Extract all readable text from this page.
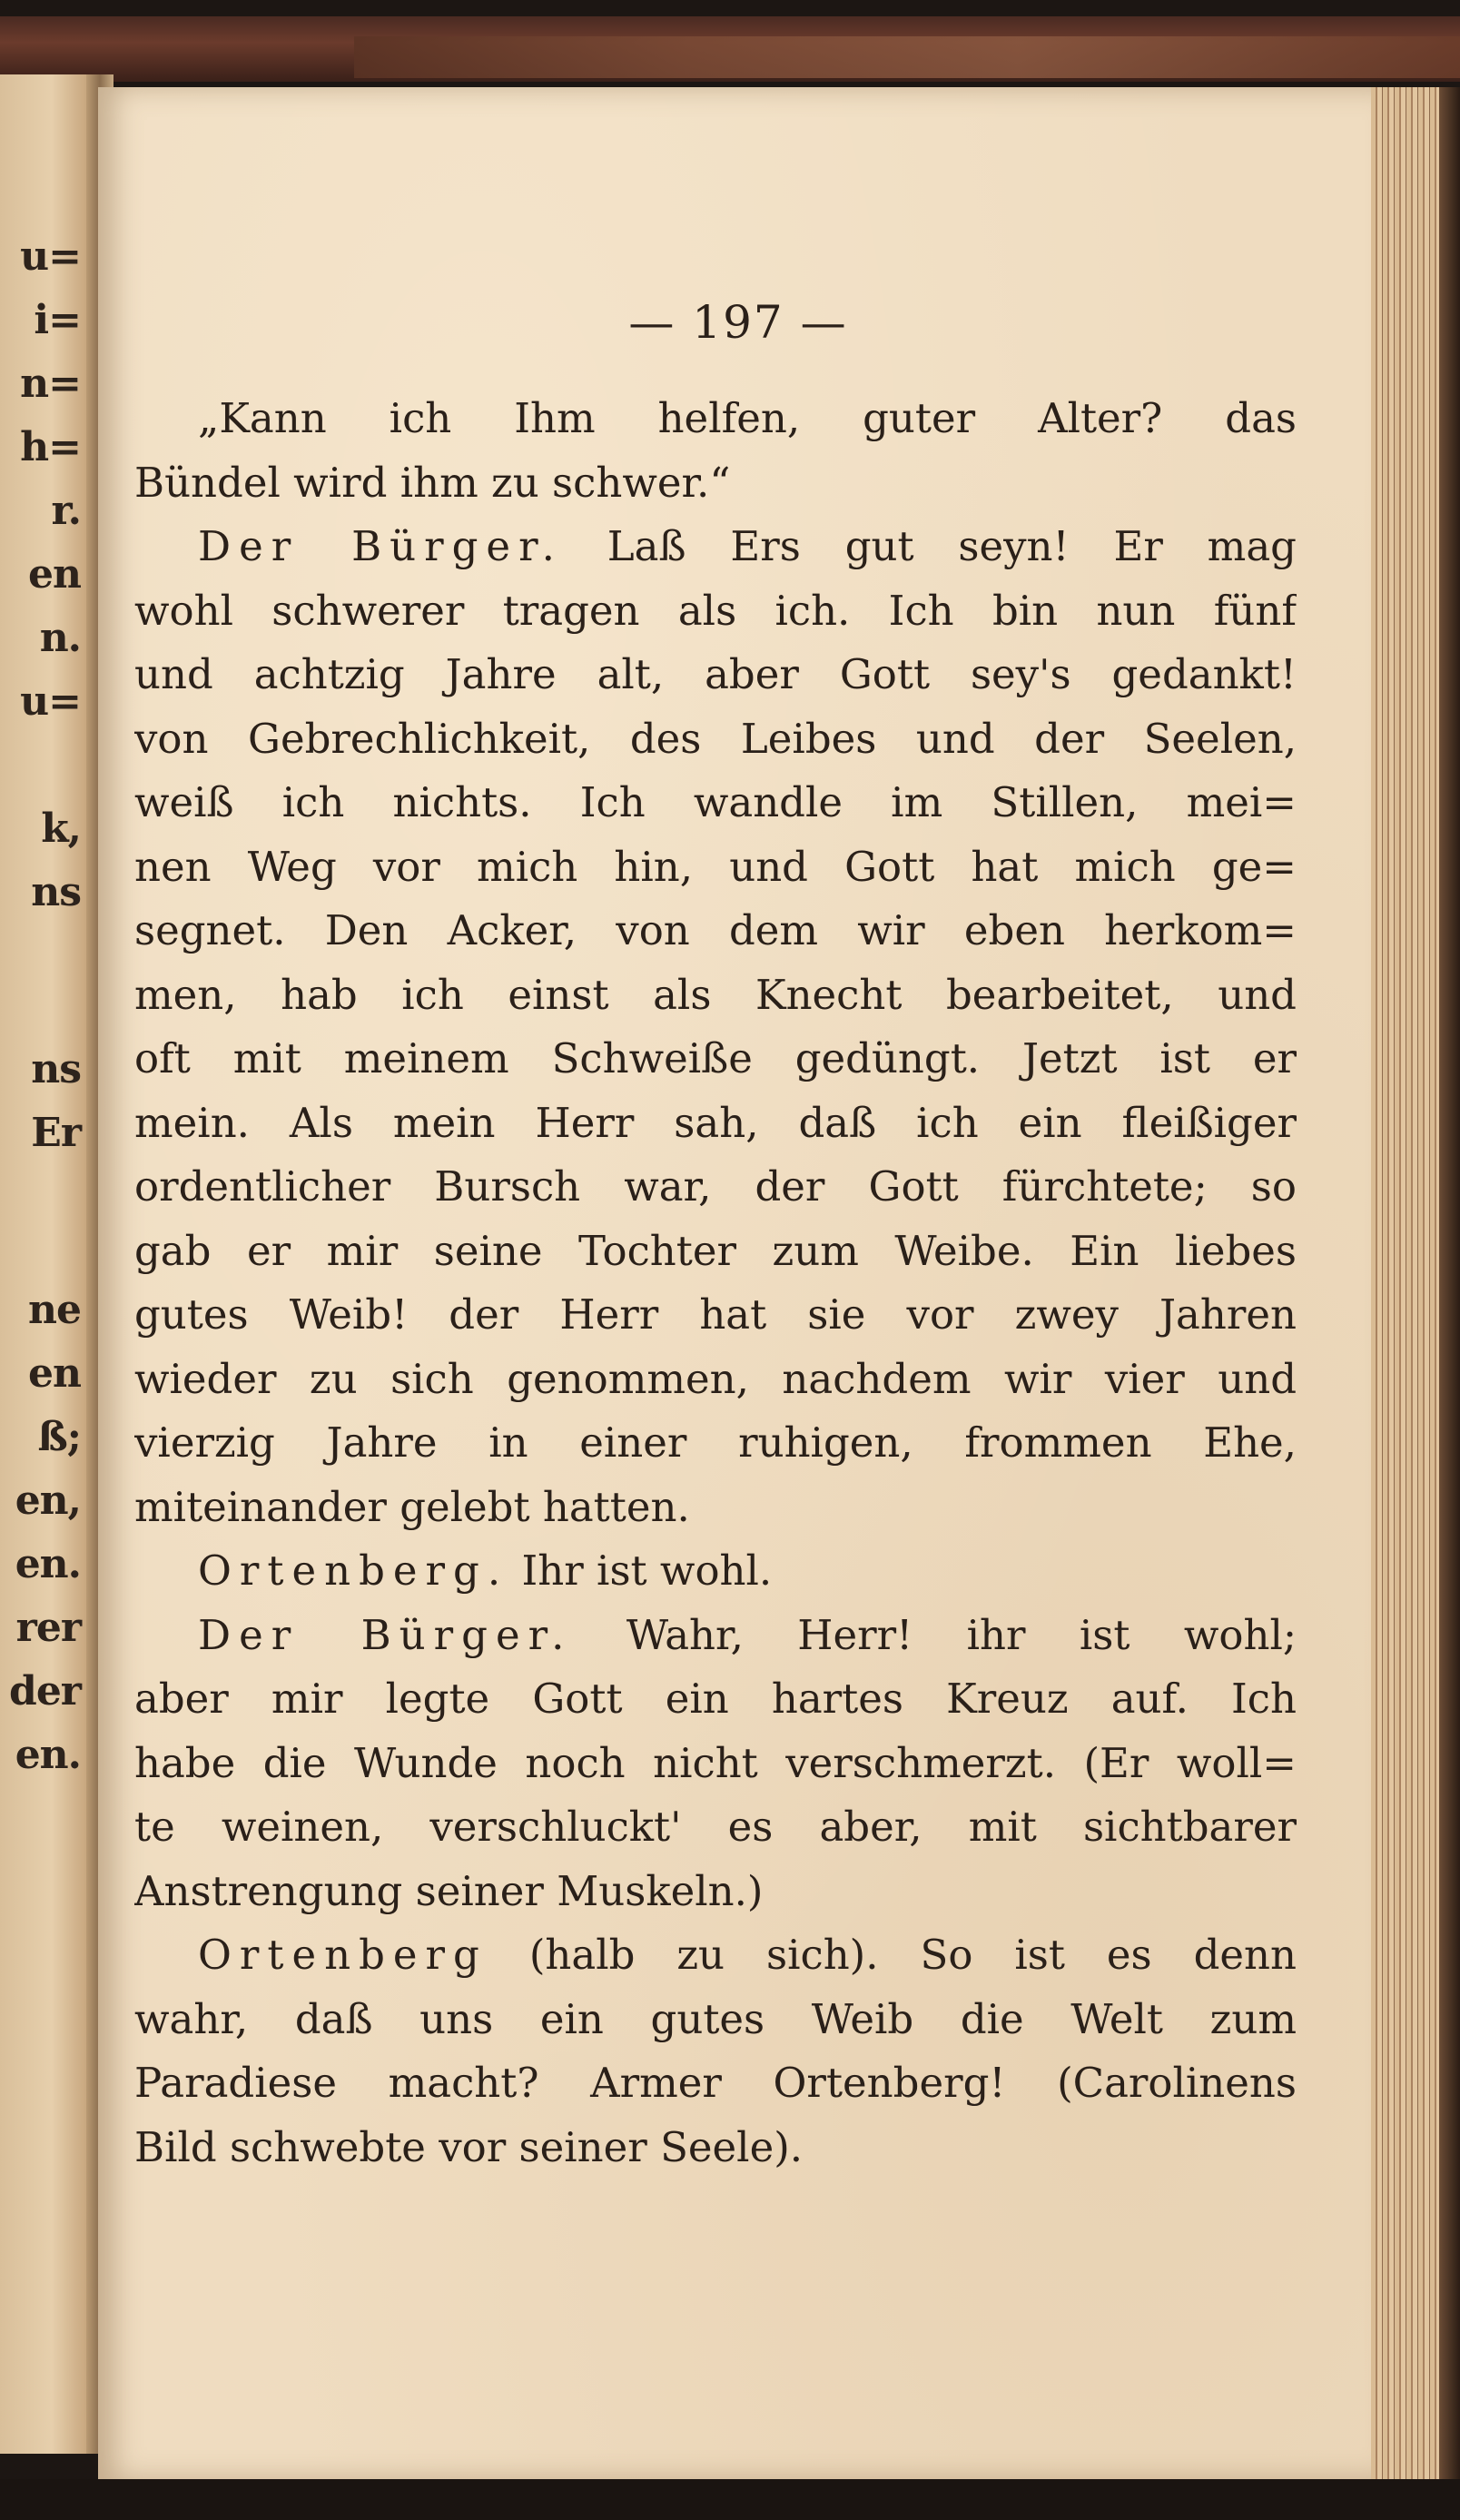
u=
i=
n=
h=
r.
en
n.
u=
k,
ns
ns
Er
ne
en
ß;
en,
en.
rer
der
en.
— 197 —
„Kann ich Ihm helfen, guter Alter? das
Bündel wird ihm zu schwer.“
Der Bürger. Laß Ers gut seyn! Er mag
wohl schwerer tragen als ich. Ich bin nun fünf
und achtzig Jahre alt, aber Gott sey's gedankt!
von Gebrechlichkeit, des Leibes und der Seelen,
weiß ich nichts. Ich wandle im Stillen, mei=
nen Weg vor mich hin, und Gott hat mich ge=
segnet. Den Acker, von dem wir eben herkom=
men, hab ich einst als Knecht bearbeitet, und
oft mit meinem Schweiße gedüngt. Jetzt ist er
mein. Als mein Herr sah, daß ich ein fleißiger
ordentlicher Bursch war, der Gott fürchtete; so
gab er mir seine Tochter zum Weibe. Ein liebes
gutes Weib! der Herr hat sie vor zwey Jahren
wieder zu sich genommen, nachdem wir vier und
vierzig Jahre in einer ruhigen, frommen Ehe,
miteinander gelebt hatten.
Ortenberg. Ihr ist wohl.
Der Bürger. Wahr, Herr! ihr ist wohl;
aber mir legte Gott ein hartes Kreuz auf. Ich
habe die Wunde noch nicht verschmerzt. (Er woll=
te weinen, verschluckt' es aber, mit sichtbarer
Anstrengung seiner Muskeln.)
Ortenberg (halb zu sich). So ist es denn
wahr, daß uns ein gutes Weib die Welt zum
Paradiese macht? Armer Ortenberg! (Carolinens
Bild schwebte vor seiner Seele).
